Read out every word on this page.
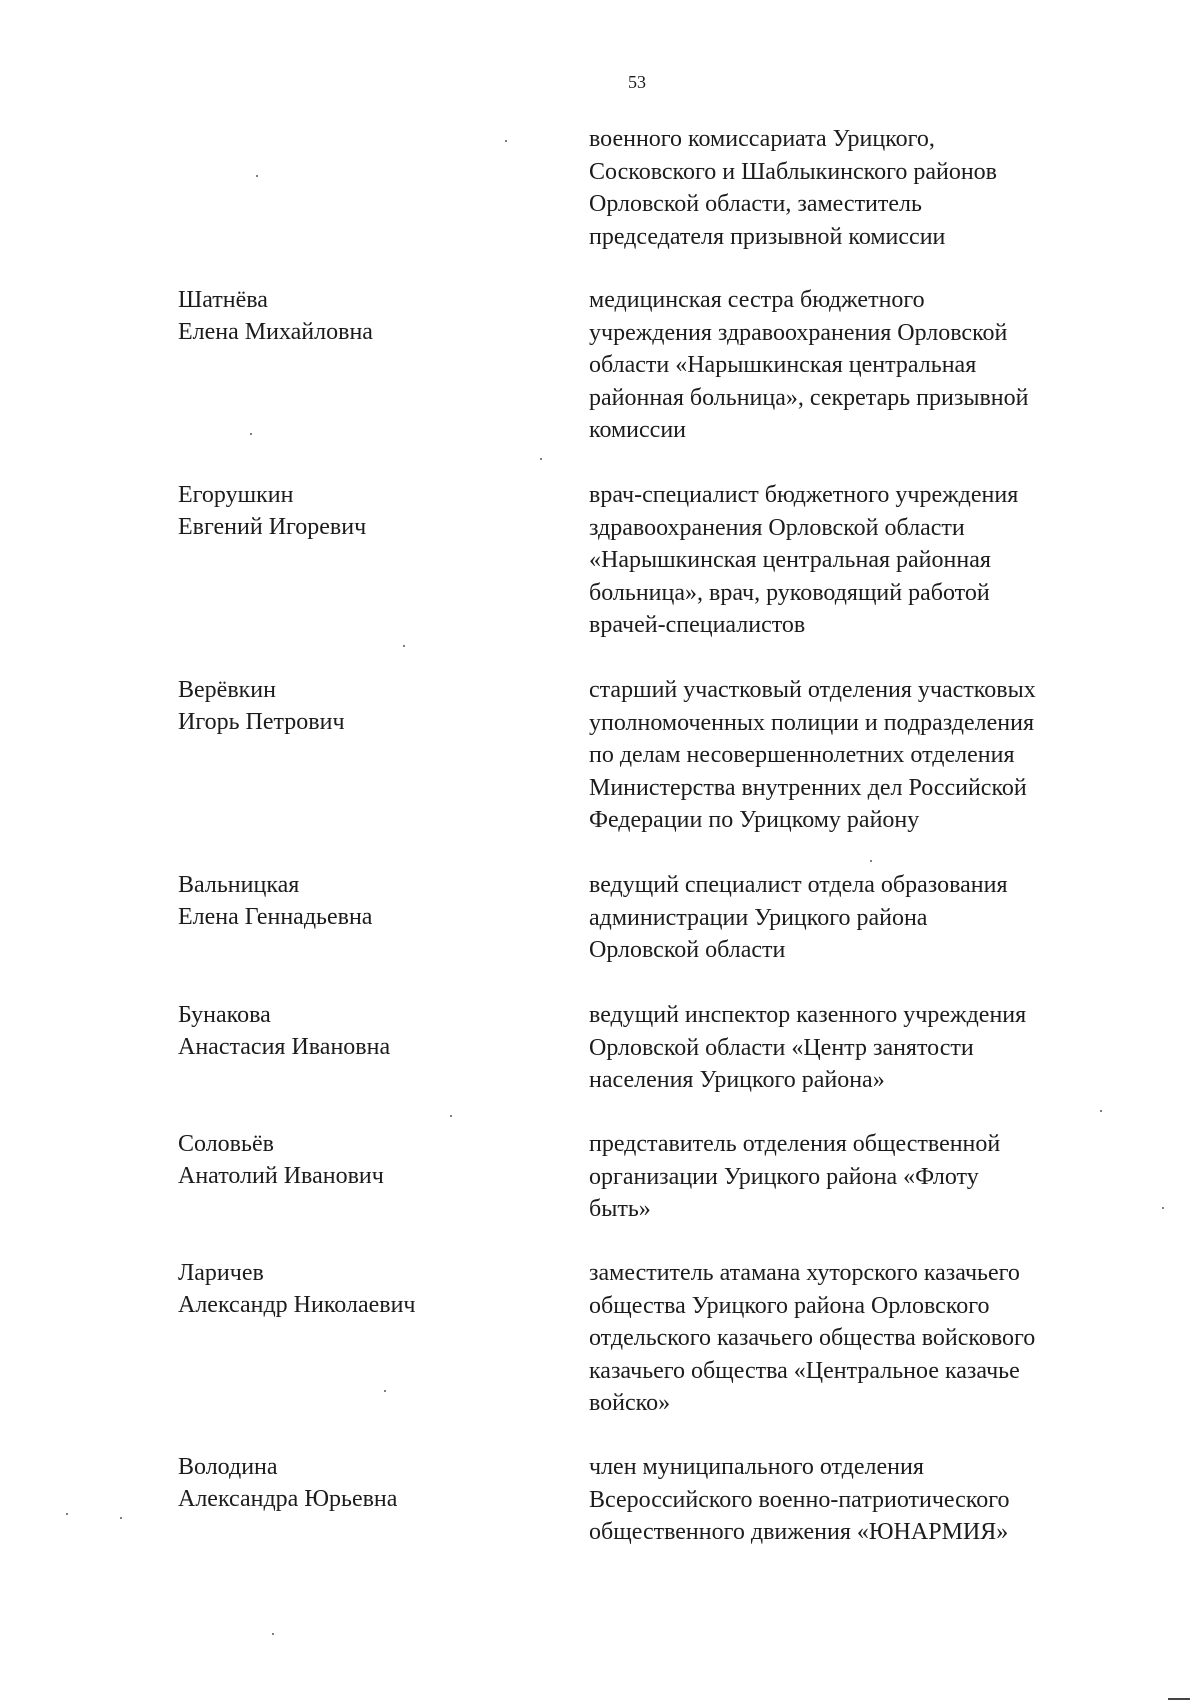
53
военного комиссариата Урицкого,
Сосковского и Шаблыкинского районов
Орловской области, заместитель
председателя призывной комиссии
Шатнёва
Елена Михайловна
медицинская сестра бюджетного
учреждения здравоохранения Орловской
области «Нарышкинская центральная
районная больница», секретарь призывной
комиссии
Егорушкин
Евгений Игоревич
врач-специалист бюджетного учреждения
здравоохранения Орловской области
«Нарышкинская центральная районная
больница», врач, руководящий работой
врачей-специалистов
Верёвкин
Игорь Петрович
старший участковый отделения участковых
уполномоченных полиции и подразделения
по делам несовершеннолетних отделения
Министерства внутренних дел Российской
Федерации по Урицкому району
Вальницкая
Елена Геннадьевна
ведущий специалист отдела образования
администрации Урицкого района
Орловской области
Бунакова
Анастасия Ивановна
ведущий инспектор казенного учреждения
Орловской области «Центр занятости
населения Урицкого района»
Соловьёв
Анатолий Иванович
представитель отделения общественной
организации Урицкого района «Флоту
быть»
Ларичев
Александр Николаевич
заместитель атамана хуторского казачьего
общества Урицкого района Орловского
отдельского казачьего общества войскового
казачьего общества «Центральное казачье
войско»
Володина
Александра Юрьевна
член муниципального отделения
Всероссийского военно-патриотического
общественного движения «ЮНАРМИЯ»
